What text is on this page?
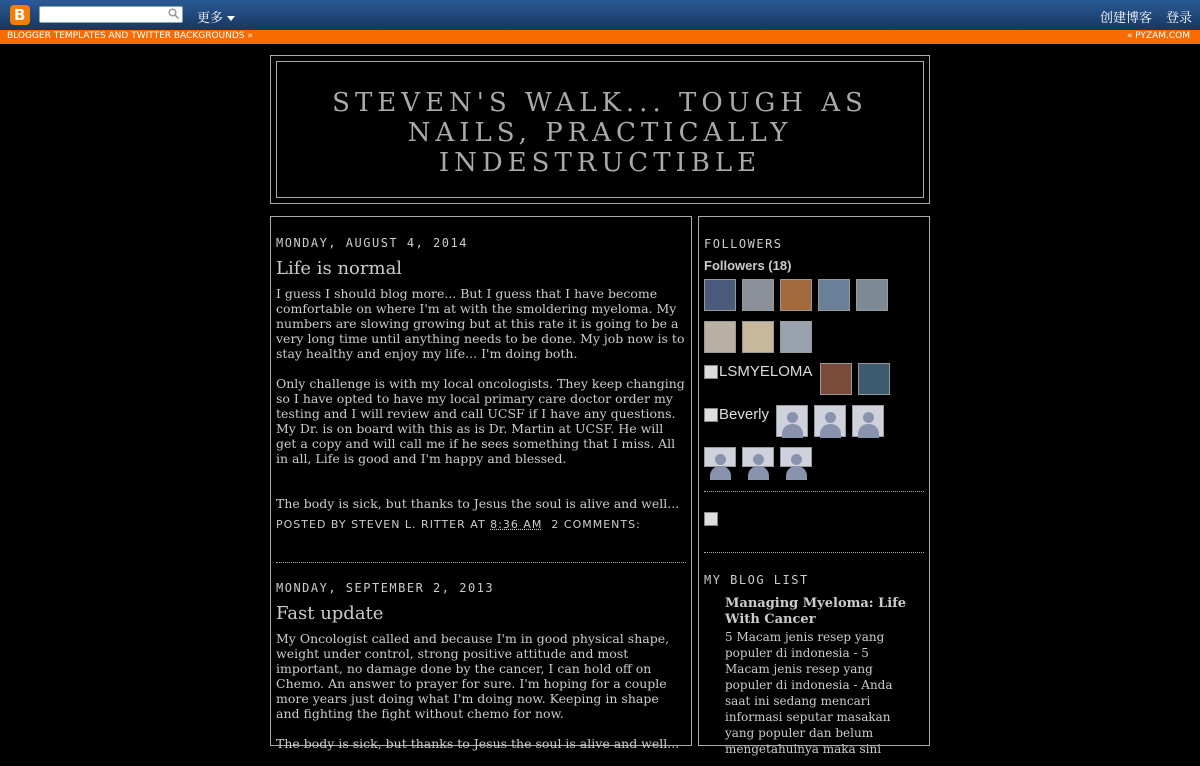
B	更多	创建博客 登录
BLOGGER TEMPLATES AND TWITTER BACKGROUNDS »	« PYZAM.COM
STEVEN'S WALK... TOUGH AS NAILS, PRACTICALLY INDESTRUCTIBLE
MONDAY, AUGUST 4, 2014
Life is normal

I guess I should blog more... But I guess that I have become comfortable on where I'm at with the smoldering myeloma. My numbers are slowing growing but at this rate it is going to be a very long time until anything needs to be done. My job now is to stay healthy and enjoy my life... I'm doing both.

Only challenge is with my local oncologists. They keep changing so I have opted to have my local primary care doctor order my testing and I will review and call UCSF if I have any questions. My Dr. is on board with this as is Dr. Martin at UCSF. He will get a copy and will call me if he sees something that I miss. All in all, Life is good and I'm happy and blessed.

The body is sick, but thanks to Jesus the soul is alive and well...

POSTED BY STEVEN L. RITTER AT 8:36 AM 2 COMMENTS:
MONDAY, SEPTEMBER 2, 2013
Fast update

My Oncologist called and because I'm in good physical shape, weight under control, strong positive attitude and most important, no damage done by the cancer, I can hold off on Chemo. An answer to prayer for sure. I'm hoping for a couple more years just doing what I'm doing now. Keeping in shape and fighting the fight without chemo for now.

The body is sick, but thanks to Jesus the soul is alive and well...

FOLLOWERS
Followers (18)
LSMYELOMA
Beverly
MY BLOG LIST
Managing Myeloma: Life With Cancer
5 Macam jenis resep yang populer di indonesia - 5 Macam jenis resep yang populer di indonesia - Anda saat ini sedang mencari informasi seputar masakan yang populer dan belum mengetahuinya maka sini
